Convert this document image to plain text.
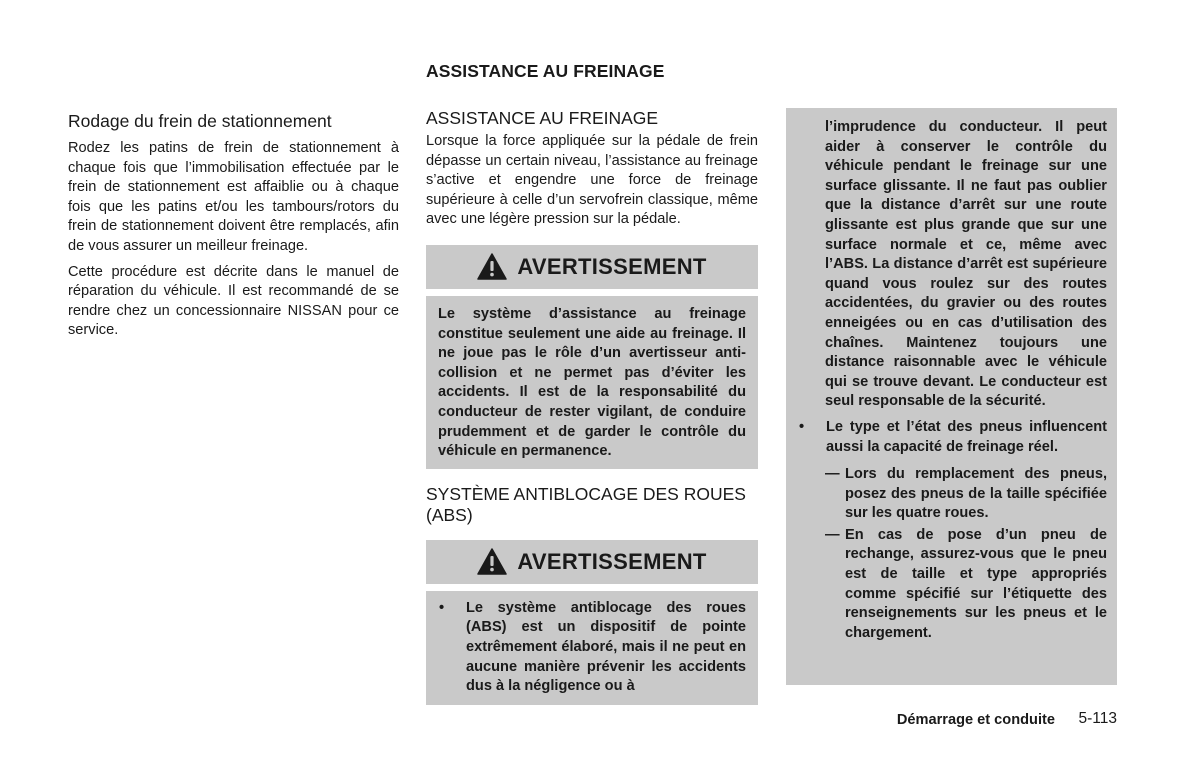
ASSISTANCE AU FREINAGE
Rodage du frein de stationnement

Rodez les patins de frein de stationnement à chaque fois que l’immobilisation effectuée par le frein de stationnement est affaiblie ou à chaque fois que les patins et/ou les tambours/rotors du frein de stationnement doivent être remplacés, afin de vous assurer un meilleur freinage.

Cette procédure est décrite dans le manuel de réparation du véhicule. Il est recommandé de se rendre chez un concessionnaire NISSAN pour ce service.

ASSISTANCE AU FREINAGE

Lorsque la force appliquée sur la pédale de frein dépasse un certain niveau, l’assistance au freinage s’active et engendre une force de freinage supérieure à celle d’un servofrein classique, même avec une légère pression sur la pédale.

AVERTISSEMENT
Le système d’assistance au freinage constitue seulement une aide au freinage. Il ne joue pas le rôle d’un avertisseur anti-collision et ne permet pas d’éviter les accidents. Il est de la responsabilité du conducteur de rester vigilant, de conduire prudemment et de garder le contrôle du véhicule en permanence.
SYSTÈME ANTIBLOCAGE DES ROUES (ABS)
AVERTISSEMENT
•	Le système antiblocage des roues (ABS) est un dispositif de pointe extrêmement élaboré, mais il ne peut en aucune manière prévenir les accidents dus à la négligence ou à
l’imprudence du conducteur. Il peut aider à conserver le contrôle du véhicule pendant le freinage sur une surface glissante. Il ne faut pas oublier que la distance d’arrêt sur une route glissante est plus grande que sur une surface normale et ce, même avec l’ABS. La distance d’arrêt est supérieure quand vous roulez sur des routes accidentées, du gravier ou des routes enneigées ou en cas d’utilisation des chaînes. Maintenez toujours une distance raisonnable avec le véhicule qui se trouve devant. Le conducteur est seul responsable de la sécurité.
•	Le type et l’état des pneus influencent aussi la capacité de freinage réel.
— Lors du remplacement des pneus, posez des pneus de la taille spécifiée sur les quatre roues.
— En cas de pose d’un pneu de rechange, assurez-vous que le pneu est de taille et type appropriés comme spécifié sur l’étiquette des renseignements sur les pneus et le chargement.
Démarrage et conduite 5-113
